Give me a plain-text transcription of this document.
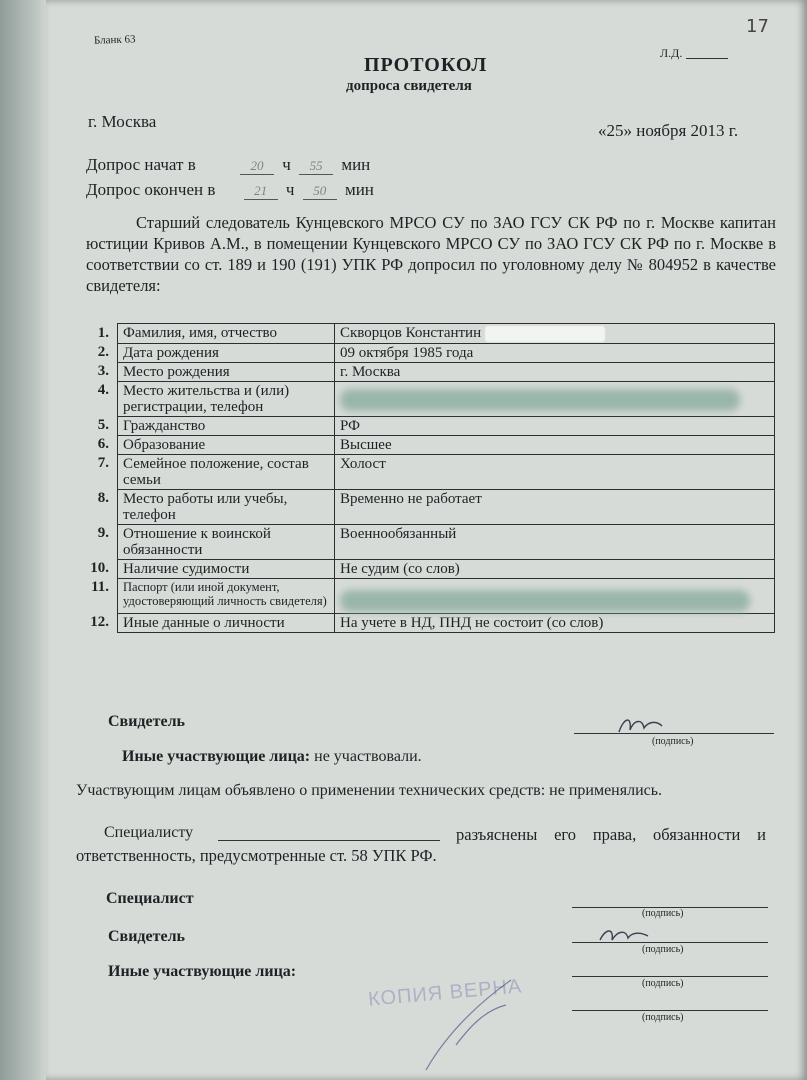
Бланк 63
17
Л.Д.
ПРОТОКОЛ
допроса свидетеля
г. Москва	«25» ноября 2013 г.
Допрос начат в	20 ч 55 мин
Допрос окончен в	21 ч 50 мин
Старший следователь Кунцевского МРСО СУ по ЗАО ГСУ СК РФ по г. Москве капитан юстиции Кривов А.М., в помещении Кунцевского МРСО СУ по ЗАО ГСУ СК РФ по г. Москве в соответствии со ст. 189 и 190 (191) УПК РФ допросил по уголовному делу № 804952 в качестве свидетеля:
1.	Фамилия, имя, отчество	Скворцов Константин
2.	Дата рождения	09 октября 1985 года
3.	Место рождения	г. Москва
4.	Место жительства и (или) регистрации, телефон	
5.	Гражданство	РФ
6.	Образование	Высшее
7.	Семейное положение, состав семьи	Холост
8.	Место работы или учебы, телефон	Временно не работает
9.	Отношение к воинской обязанности	Военнообязанный
10.	Наличие судимости	Не судим (со слов)
11.	Паспорт (или иной документ, удостоверяющий личность свидетеля)	
12.	Иные данные о личности	На учете в НД, ПНД не состоит (со слов)
Свидетель
(подпись)
Иные участвующие лица: не участвовали.
Участвующим лицам объявлено о применении технических средств: не применялись.
Специалисту	разъяснены его права, обязанности и ответственность, предусмотренные ст. 58 УПК РФ.
Специалист
(подпись)
Свидетель
(подпись)
Иные участвующие лица:
(подпись)
(подпись)
КОПИЯ ВЕРНА
